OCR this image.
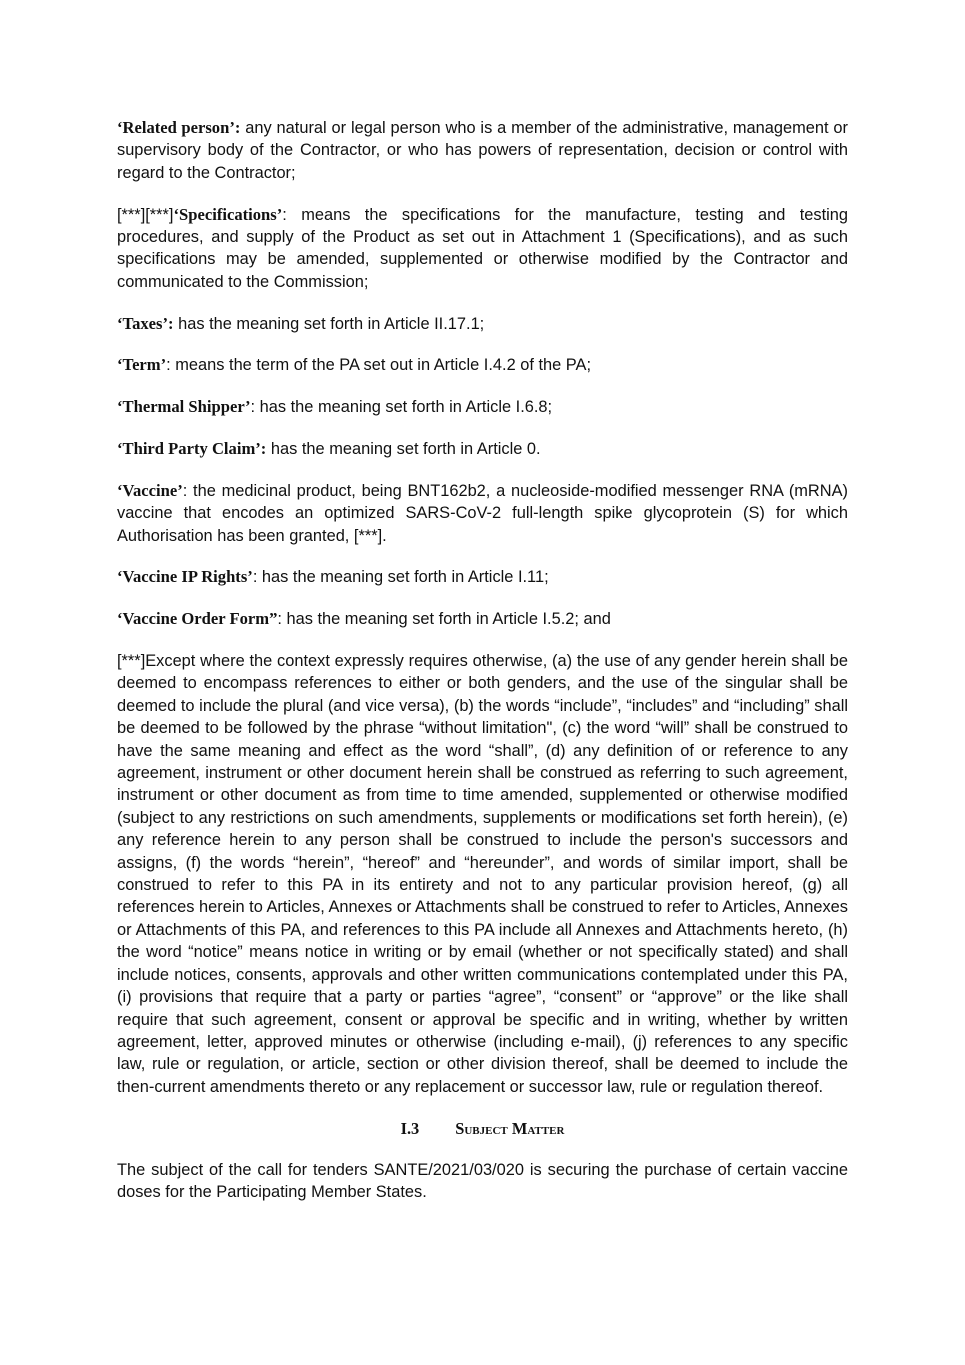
‘Related person’: any natural or legal person who is a member of the administrative, management or supervisory body of the Contractor, or who has powers of representation, decision or control with regard to the Contractor;

[***][***]‘Specifications’: means the specifications for the manufacture, testing and testing procedures, and supply of the Product as set out in Attachment 1 (Specifications), and as such specifications may be amended, supplemented or otherwise modified by the Contractor and communicated to the Commission;

‘Taxes’: has the meaning set forth in Article II.17.1;

‘Term’: means the term of the PA set out in Article I.4.2 of the PA;

‘Thermal Shipper’: has the meaning set forth in Article I.6.8;

‘Third Party Claim’: has the meaning set forth in Article 0.

‘Vaccine’: the medicinal product, being BNT162b2, a nucleoside-modified messenger RNA (mRNA) vaccine that encodes an optimized SARS-CoV-2 full-length spike glycoprotein (S) for which Authorisation has been granted, [***].

‘Vaccine IP Rights’: has the meaning set forth in Article I.11;

‘Vaccine Order Form”: has the meaning set forth in Article I.5.2; and

[***]Except where the context expressly requires otherwise, (a) the use of any gender herein shall be deemed to encompass references to either or both genders, and the use of the singular shall be deemed to include the plural (and vice versa), (b) the words “include”, “includes” and “including” shall be deemed to be followed by the phrase “without limitation", (c) the word “will” shall be construed to have the same meaning and effect as the word “shall”, (d) any definition of or reference to any agreement, instrument or other document herein shall be construed as referring to such agreement, instrument or other document as from time to time amended, supplemented or otherwise modified (subject to any restrictions on such amendments, supplements or modifications set forth herein), (e) any reference herein to any person shall be construed to include the person's successors and assigns, (f) the words “herein”, “hereof” and “hereunder”, and words of similar import, shall be construed to refer to this PA in its entirety and not to any particular provision hereof, (g) all references herein to Articles, Annexes or Attachments shall be construed to refer to Articles, Annexes or Attachments of this PA, and references to this PA include all Annexes and Attachments hereto, (h) the word “notice” means notice in writing or by email (whether or not specifically stated) and shall include notices, consents, approvals and other written communications contemplated under this PA, (i) provisions that require that a party or parties “agree”, “consent” or “approve” or the like shall require that such agreement, consent or approval be specific and in writing, whether by written agreement, letter, approved minutes or otherwise (including e-mail), (j) references to any specific law, rule or regulation, or article, section or other division thereof, shall be deemed to include the then-current amendments thereto or any replacement or successor law, rule or regulation thereof.

I.3 Subject Matter

The subject of the call for tenders SANTE/2021/03/020 is securing the purchase of certain vaccine doses for the Participating Member States.
